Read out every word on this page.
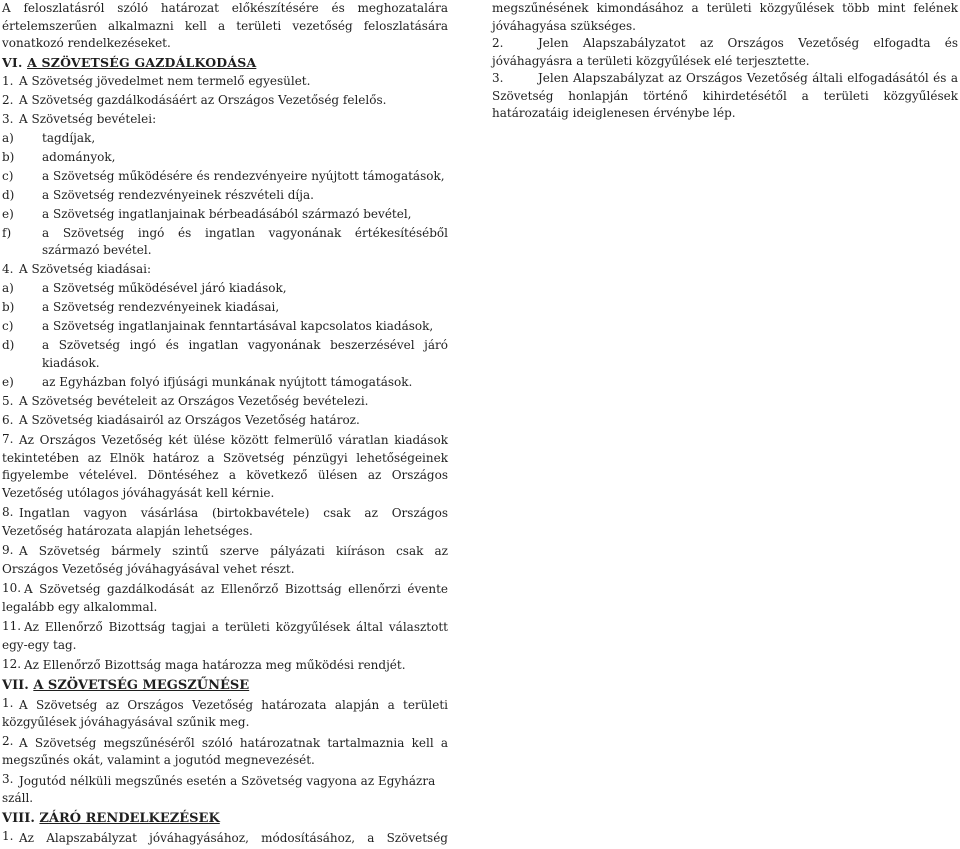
A feloszlatásról szóló határozat előkészítésére és meghozatalára értelemszerűen alkalmazni kell a területi vezetőség feloszlatására vonatkozó rendelkezéseket.

VI. A SZÖVETSÉG GAZDÁLKODÁSA

1. A Szövetség jövedelmet nem termelő egyesület.
2. A Szövetség gazdálkodásáért az Országos Vezetőség felelős.
3. A Szövetség bevételei:
a)	tagdíjak,
b)	adományok,
c)	a Szövetség működésére és rendezvényeire nyújtott támogatások,
d)	a Szövetség rendezvényeinek részvételi díja.
e)	a Szövetség ingatlanjainak bérbeadásából származó bevétel,
f)	a Szövetség ingó és ingatlan vagyonának értékesítéséből származó bevétel.
4. A Szövetség kiadásai:
a)	a Szövetség működésével járó kiadások,
b)	a Szövetség rendezvényeinek kiadásai,
c)	a Szövetség ingatlanjainak fenntartásával kapcsolatos kiadások,
d)	a Szövetség ingó és ingatlan vagyonának beszerzésével járó kiadások.
e)	az Egyházban folyó ifjúsági munkának nyújtott támogatások.
5. A Szövetség bevételeit az Országos Vezetőség bevételezi.
6. A Szövetség kiadásairól az Országos Vezetőség határoz.

7. Az Országos Vezetőség két ülése között felmerülő váratlan kiadások tekintetében az Elnök határoz a Szövetség pénzügyi lehetőségeinek figyelembe vételével. Döntéséhez a következő ülésen az Országos Vezetőség utólagos jóváhagyását kell kérnie.

8. Ingatlan vagyon vásárlása (birtokbavétele) csak az Országos Vezetőség határozata alapján lehetséges.

9. A Szövetség bármely szintű szerve pályázati kiíráson csak az Országos Vezetőség jóváhagyásával vehet részt.

10. A Szövetség gazdálkodását az Ellenőrző Bizottság ellenőrzi évente legalább egy alkalommal.

11. Az Ellenőrző Bizottság tagjai a területi közgyűlések által választott egy-egy tag.

12. Az Ellenőrző Bizottság maga határozza meg működési rendjét.

VII. A SZÖVETSÉG MEGSZŰNÉSE

1. A Szövetség az Országos Vezetőség határozata alapján a területi közgyűlések jóváhagyásával szűnik meg.

2. A Szövetség megszűnéséről szóló határozatnak tartalmaznia kell a megszűnés okát, valamint a jogutód megnevezését.

3. Jogutód nélküli megszűnés esetén a Szövetség vagyona az Egyházra száll.

VIII. ZÁRÓ RENDELKEZÉSEK

1. Az Alapszabályzat jóváhagyásához, módosításához, a Szövetség

megszűnésének kimondásához a területi közgyűlések több mint felének jóváhagyása szükséges.

2.	Jelen Alapszabályzatot az Országos Vezetőség elfogadta és jóváhagyásra a területi közgyűlések elé terjesztette.

3.	Jelen Alapszabályzat az Országos Vezetőség általi elfogadásától és a Szövetség honlapján történő kihirdetésétől a területi közgyűlések határozatáig ideiglenesen érvénybe lép.
